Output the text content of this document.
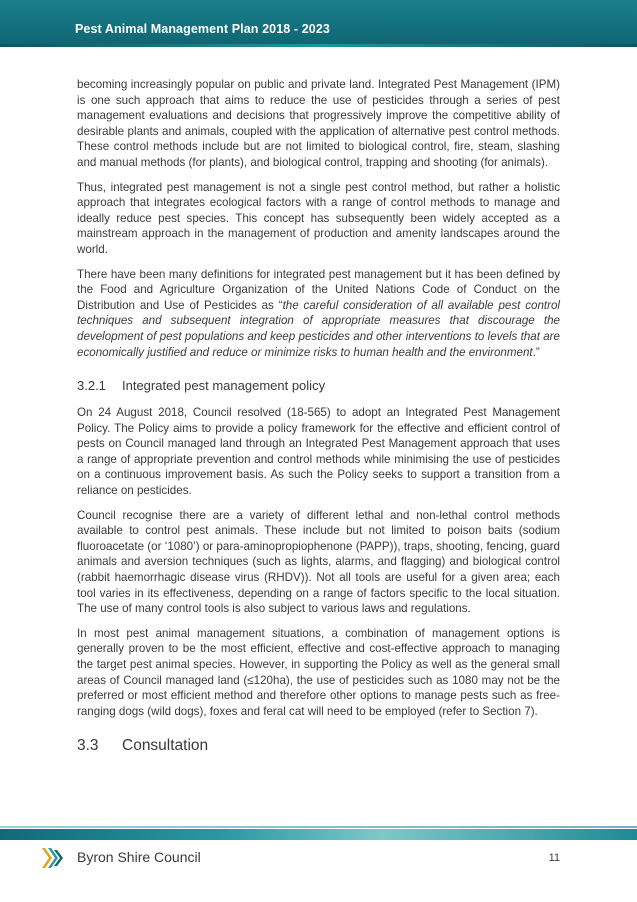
Pest Animal Management Plan 2018 - 2023

becoming increasingly popular on public and private land. Integrated Pest Management (IPM) is one such approach that aims to reduce the use of pesticides through a series of pest management evaluations and decisions that progressively improve the competitive ability of desirable plants and animals, coupled with the application of alternative pest control methods. These control methods include but are not limited to biological control, fire, steam, slashing and manual methods (for plants), and biological control, trapping and shooting (for animals).

Thus, integrated pest management is not a single pest control method, but rather a holistic approach that integrates ecological factors with a range of control methods to manage and ideally reduce pest species. This concept has subsequently been widely accepted as a mainstream approach in the management of production and amenity landscapes around the world.

There have been many definitions for integrated pest management but it has been defined by the Food and Agriculture Organization of the United Nations Code of Conduct on the Distribution and Use of Pesticides as “the careful consideration of all available pest control techniques and subsequent integration of appropriate measures that discourage the development of pest populations and keep pesticides and other interventions to levels that are economically justified and reduce or minimize risks to human health and the environment.”

3.2.1 Integrated pest management policy

On 24 August 2018, Council resolved (18-565) to adopt an Integrated Pest Management Policy. The Policy aims to provide a policy framework for the effective and efficient control of pests on Council managed land through an Integrated Pest Management approach that uses a range of appropriate prevention and control methods while minimising the use of pesticides on a continuous improvement basis. As such the Policy seeks to support a transition from a reliance on pesticides.

Council recognise there are a variety of different lethal and non-lethal control methods available to control pest animals. These include but not limited to poison baits (sodium fluoroacetate (or ‘1080’) or para-aminopropiophenone (PAPP)), traps, shooting, fencing, guard animals and aversion techniques (such as lights, alarms, and flagging) and biological control (rabbit haemorrhagic disease virus (RHDV)). Not all tools are useful for a given area; each tool varies in its effectiveness, depending on a range of factors specific to the local situation. The use of many control tools is also subject to various laws and regulations.

In most pest animal management situations, a combination of management options is generally proven to be the most efficient, effective and cost-effective approach to managing the target pest animal species. However, in supporting the Policy as well as the general small areas of Council managed land (≤120ha), the use of pesticides such as 1080 may not be the preferred or most efficient method and therefore other options to manage pests such as free-ranging dogs (wild dogs), foxes and feral cat will need to be employed (refer to Section 7).

3.3 Consultation
Byron Shire Council	11
